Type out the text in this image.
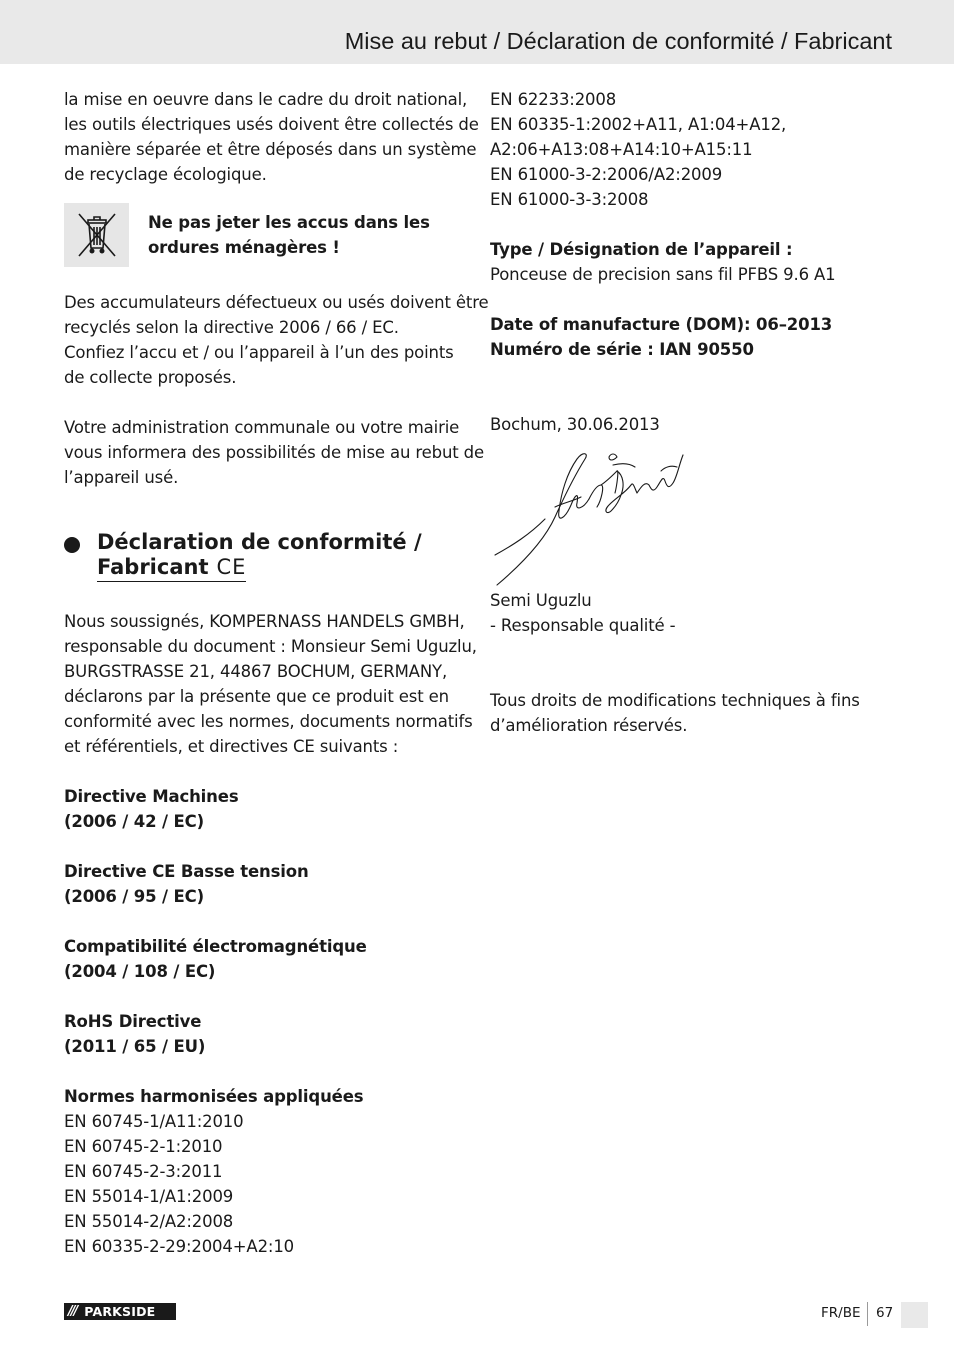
Mise au rebut / Déclaration de conformité / Fabricant
la mise en oeuvre dans le cadre du droit national,
les outils électriques usés doivent être collectés de
manière séparée et être déposés dans un système
de recyclage écologique.
Ne pas jeter les accus dans les
ordures ménagères !
Des accumulateurs défectueux ou usés doivent être
recyclés selon la directive 2006 / 66 / EC.
Confiez l’accu et / ou l’appareil à l’un des points
de collecte proposés.
Votre administration communale ou votre mairie
vous informera des possibilités de mise au rebut de
l’appareil usé.
Déclaration de conformité /
Fabricant CE
Nous soussignés, KOMPERNASS HANDELS GMBH,
responsable du document : Monsieur Semi Uguzlu,
BURGSTRASSE 21, 44867 BOCHUM, GERMANY,
déclarons par la présente que ce produit est en
conformité avec les normes, documents normatifs
et référentiels, et directives CE suivants :
Directive Machines
(2006 / 42 / EC)
Directive CE Basse tension
(2006 / 95 / EC)
Compatibilité électromagnétique
(2004 / 108 / EC)
RoHS Directive
(2011 / 65 / EU)
Normes harmonisées appliquées
EN 60745-1/A11:2010
EN 60745-2-1:2010
EN 60745-2-3:2011
EN 55014-1/A1:2009
EN 55014-2/A2:2008
EN 60335-2-29:2004+A2:10
EN 62233:2008
EN 60335-1:2002+A11, A1:04+A12,
A2:06+A13:08+A14:10+A15:11
EN 61000-3-2:2006/A2:2009
EN 61000-3-3:2008
Type / Désignation de l’appareil :
Ponceuse de precision sans fil PFBS 9.6 A1
Date of manufacture (DOM): 06–2013
Numéro de série : IAN 90550
Bochum, 30.06.2013
Semi Uguzlu
- Responsable qualité -
Tous droits de modifications techniques à fins
d’amélioration réservés.
/// PARKSIDE	FR/BE 67
